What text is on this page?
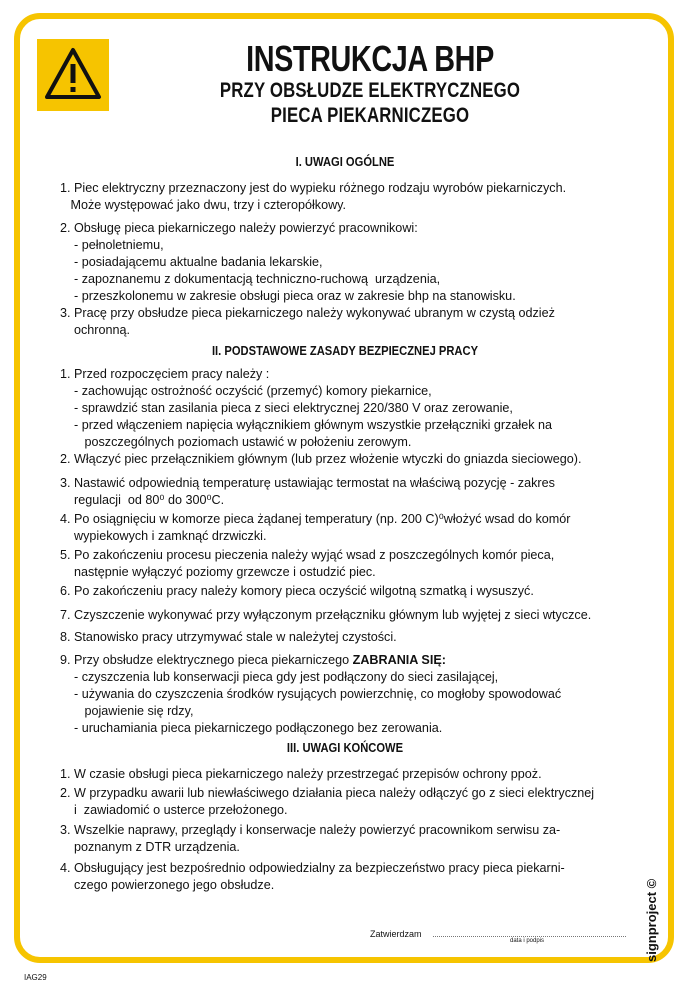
INSTRUKCJA BHP
PRZY OBSŁUDZE ELEKTRYCZNEGO
PIECA PIEKARNICZEGO
I. UWAGI OGÓLNE
1. Piec elektryczny przeznaczony jest do wypieku różnego rodzaju wyrobów piekarniczych.
Może występować jako dwu, trzy i czteropółkowy.
2. Obsługę pieca piekarniczego należy powierzyć pracownikowi:
- pełnoletniemu,
- posiadającemu aktualne badania lekarskie,
- zapoznanemu z dokumentacją techniczno-ruchową  urządzenia,
- przeszkolonemu w zakresie obsługi pieca oraz w zakresie bhp na stanowisku.
3. Pracę przy obsłudze pieca piekarniczego należy wykonywać ubranym w czystą odzież
ochronną.
II. PODSTAWOWE ZASADY BEZPIECZNEJ PRACY
1. Przed rozpoczęciem pracy należy :
- zachowując ostrożność oczyścić (przemyć) komory piekarnice,
- sprawdzić stan zasilania pieca z sieci elektrycznej 220/380 V oraz zerowanie,
- przed włączeniem napięcia wyłącznikiem głównym wszystkie przełączniki grzałek na
poszczególnych poziomach ustawić w położeniu zerowym.
2. Włączyć piec przełącznikiem głównym (lub przez włożenie wtyczki do gniazda sieciowego).
3. Nastawić odpowiednią temperaturę ustawiając termostat na właściwą pozycję - zakres
regulacji  od 80⁰ do 300⁰C.
4. Po osiągnięciu w komorze pieca żądanej temperatury (np. 200 C)⁰włożyć wsad do komór
wypiekowych i zamknąć drzwiczki.
5. Po zakończeniu procesu pieczenia należy wyjąć wsad z poszczególnych komór pieca,
następnie wyłączyć poziomy grzewcze i ostudzić piec.
6. Po zakończeniu pracy należy komory pieca oczyścić wilgotną szmatką i wysuszyć.
7. Czyszczenie wykonywać przy wyłączonym przełączniku głównym lub wyjętej z sieci wtyczce.
8. Stanowisko pracy utrzymywać stale w należytej czystości.
9. Przy obsłudze elektrycznego pieca piekarniczego ZABRANIA SIĘ:
- czyszczenia lub konserwacji pieca gdy jest podłączony do sieci zasilającej,
- używania do czyszczenia środków rysujących powierzchnię, co mogłoby spowodować
pojawienie się rdzy,
- uruchamiania pieca piekarniczego podłączonego bez zerowania.
III. UWAGI KOŃCOWE
1. W czasie obsługi pieca piekarniczego należy przestrzegać przepisów ochrony ppoż.
2. W przypadku awarii lub niewłaściwego działania pieca należy odłączyć go z sieci elektrycznej
i  zawiadomić o usterce przełożonego.
3. Wszelkie naprawy, przeglądy i konserwacje należy powierzyć pracownikom serwisu za-
poznanym z DTR urządzenia.
4. Obsługujący jest bezpośrednio odpowiedzialny za bezpieczeństwo pracy pieca piekarni-
czego powierzonego jego obsłudze.
Zatwierdzam
data i podpis	signproject ©
IAG29
